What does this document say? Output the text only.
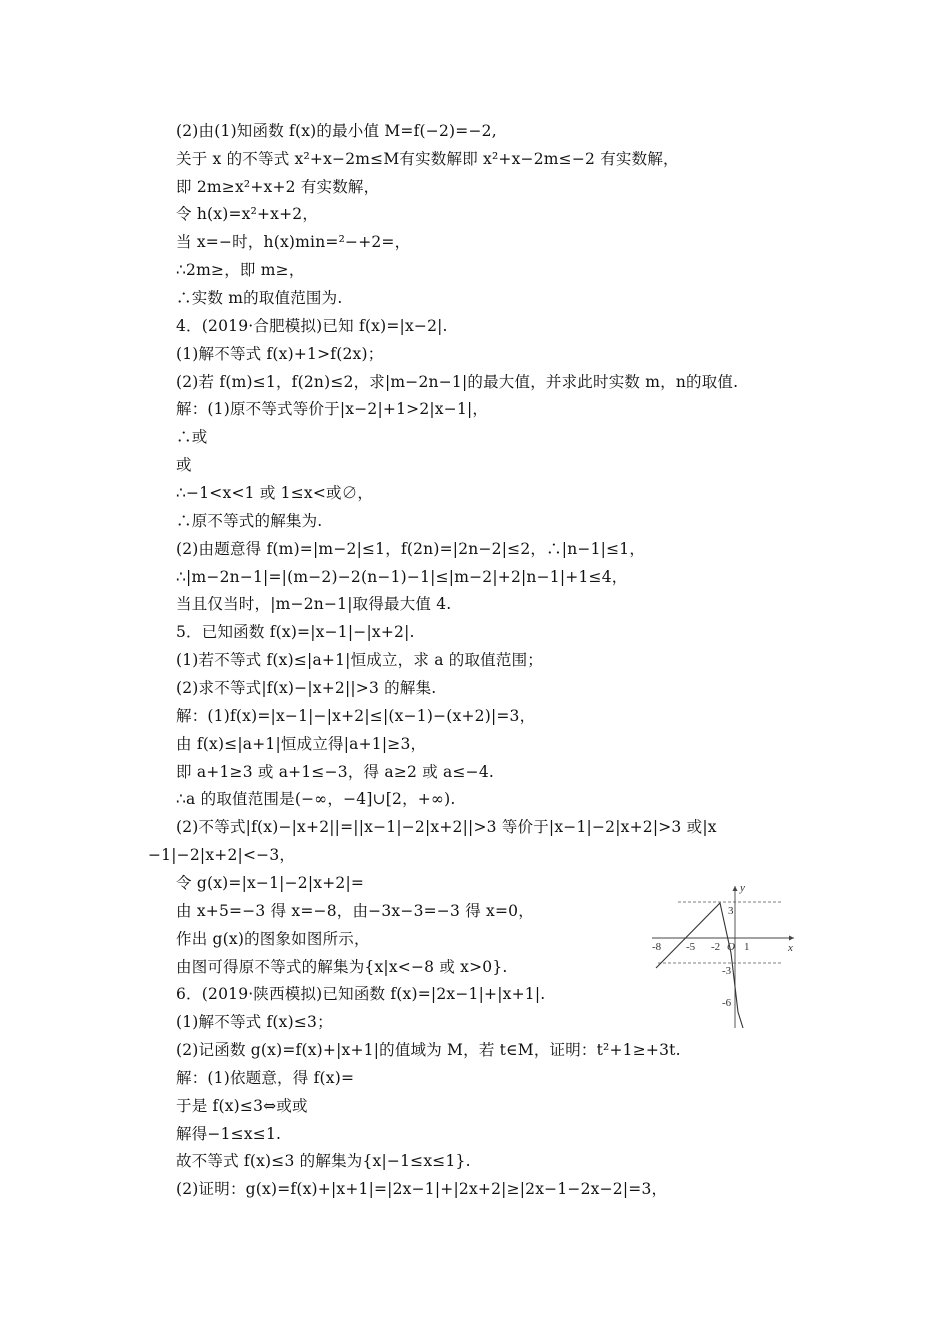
(2)由(1)知函数 f(x)的最小值 M=f(−2)=−2,
关于 x 的不等式 x²+x−2m≤M有实数解即 x²+x−2m≤−2 有实数解，
即 2m≥x²+x+2 有实数解，
令 h(x)=x²+x+2，
当 x=−时，h(x)min=²−+2=，
∴2m≥，即 m≥，
∴实数 m的取值范围为.
4．(2019·合肥模拟)已知 f(x)=|x−2|.
(1)解不等式 f(x)+1>f(2x)；
(2)若 f(m)≤1，f(2n)≤2，求|m−2n−1|的最大值，并求此时实数 m，n的取值.
解：(1)原不等式等价于|x−2|+1>2|x−1|，
∴或
或
∴−1<x<1 或 1≤x<或∅，
∴原不等式的解集为.
(2)由题意得 f(m)=|m−2|≤1，f(2n)=|2n−2|≤2，∴|n−1|≤1，
∴|m−2n−1|=|(m−2)−2(n−1)−1|≤|m−2|+2|n−1|+1≤4，
当且仅当时，|m−2n−1|取得最大值 4.
5．已知函数 f(x)=|x−1|−|x+2|.
(1)若不等式 f(x)≤|a+1|恒成立，求 a 的取值范围；
(2)求不等式|f(x)−|x+2||>3 的解集.
解：(1)f(x)=|x−1|−|x+2|≤|(x−1)−(x+2)|=3，
由 f(x)≤|a+1|恒成立得|a+1|≥3，
即 a+1≥3 或 a+1≤−3，得 a≥2 或 a≤−4.
∴a 的取值范围是(−∞，−4]∪[2，+∞).
(2)不等式|f(x)−|x+2||=||x−1|−2|x+2||>3 等价于|x−1|−2|x+2|>3 或|x
−1|−2|x+2|<−3，
令 g(x)=|x−1|−2|x+2|=
由 x+5=−3 得 x=−8，由−3x−3=−3 得 x=0，
作出 g(x)的图象如图所示，
由图可得原不等式的解集为{x|x<−8 或 x>0}.
6．(2019·陕西模拟)已知函数 f(x)=|2x−1|+|x+1|.
(1)解不等式 f(x)≤3；
(2)记函数 g(x)=f(x)+|x+1|的值域为 M，若 t∈M，证明：t²+1≥+3t.
解：(1)依题意，得 f(x)=
于是 f(x)≤3⇔或或
解得−1≤x≤1.
故不等式 f(x)≤3 的解集为{x|−1≤x≤1}.
(2)证明：g(x)=f(x)+|x+1|=|2x−1|+|2x+2|≥|2x−1−2x−2|=3，
y
x
O
-8 -5 -2 1
3
-3
-6
